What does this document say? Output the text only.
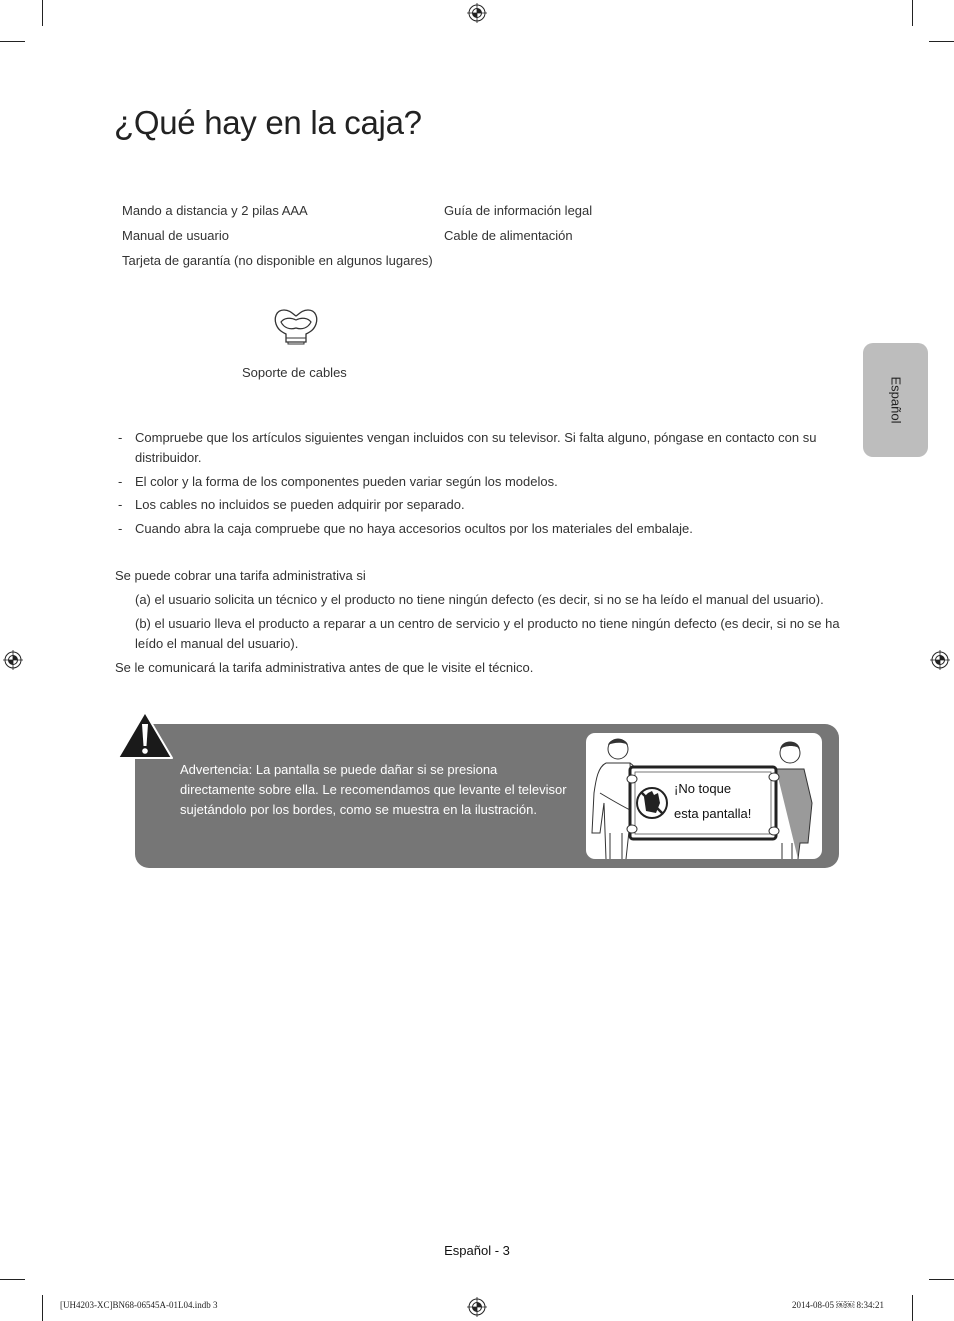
¿Qué hay en la caja?
Mando a distancia y 2 pilas AAA
Manual de usuario
Tarjeta de garantía (no disponible en algunos lugares)
Guía de información legal
Cable de alimentación
Soporte de cables
Español
- Compruebe que los artículos siguientes vengan incluidos con su televisor. Si falta alguno, póngase en contacto con su distribuidor.
- El color y la forma de los componentes pueden variar según los modelos.
- Los cables no incluidos se pueden adquirir por separado.
- Cuando abra la caja compruebe que no haya accesorios ocultos por los materiales del embalaje.
Se puede cobrar una tarifa administrativa si
(a) el usuario solicita un técnico y el producto no tiene ningún defecto (es decir, si no se ha leído el manual del usuario).
(b) el usuario lleva el producto a reparar a un centro de servicio y el producto no tiene ningún defecto (es decir, si no se ha leído el manual del usuario).
Se le comunicará la tarifa administrativa antes de que le visite el técnico.
Advertencia: La pantalla se puede dañar si se presiona directamente sobre ella. Le recomendamos que levante el televisor sujetándolo por los bordes, como se muestra en la ilustración.
¡No toque
esta pantalla!
Español - 3
[UH4203-XC]BN68-06545A-01L04.indb 3	2014-08-05 ￼￼ 8:34:21
